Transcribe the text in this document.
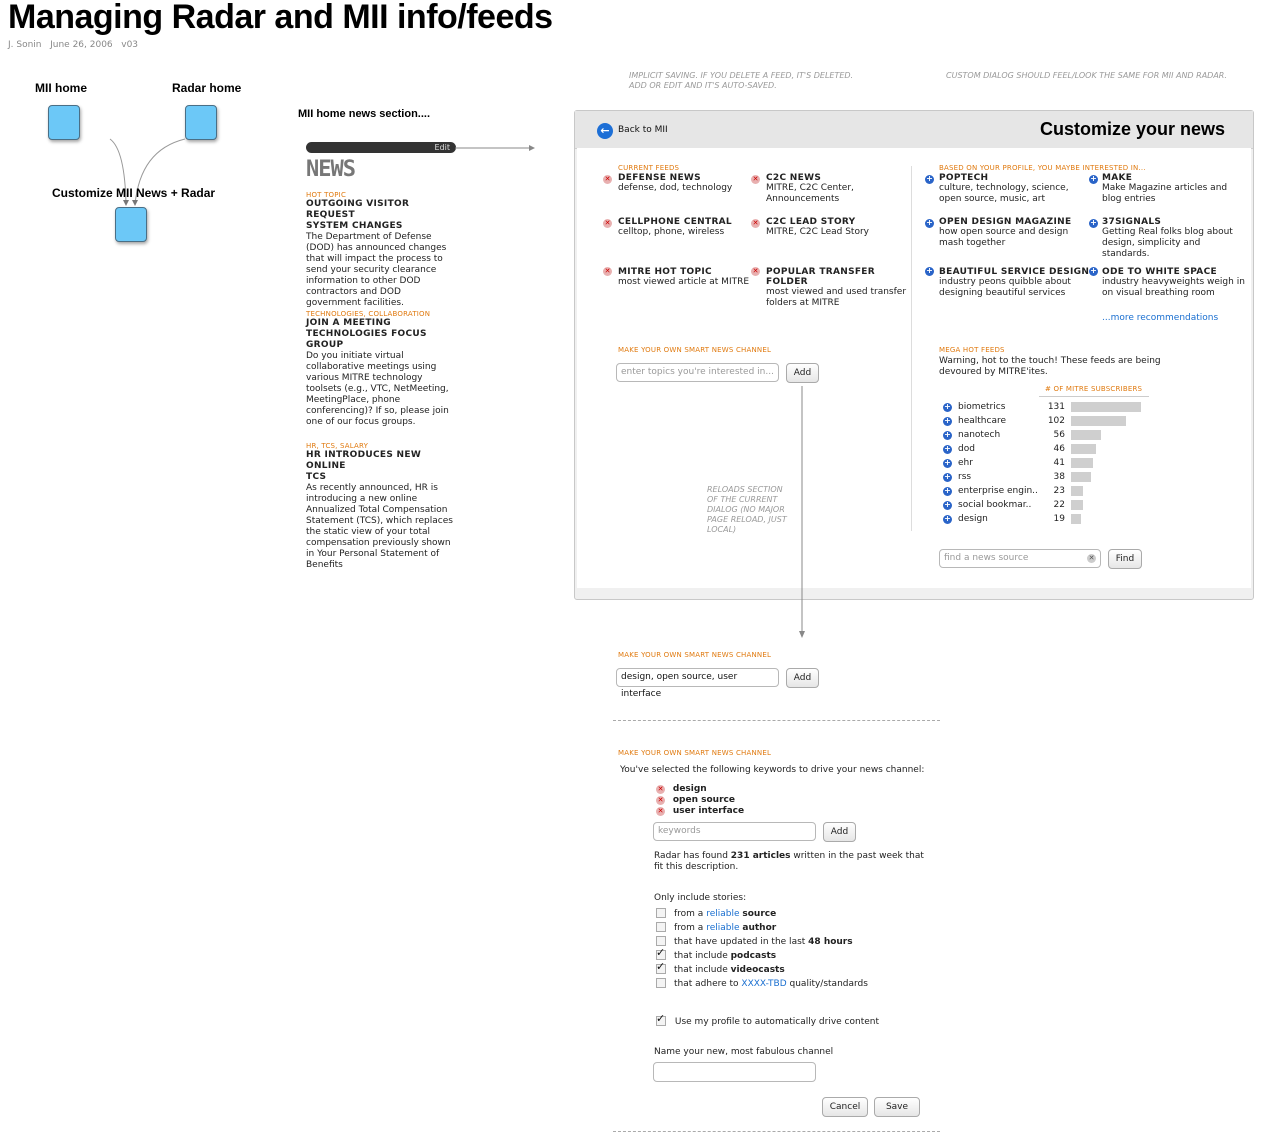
Managing Radar and MII info/feeds
J. Sonin June 26, 2006 v03
MII home	Radar home
Customize MII News + Radar
MII home news section....
Edit
NEWS
HOT TOPIC
OUTGOING VISITOR REQUEST
SYSTEM CHANGES
The Department of Defense
(DOD) has announced changes
that will impact the process to
send your security clearance
information to other DOD
contractors and DOD
government facilities.
TECHNOLOGIES, COLLABORATION
JOIN A MEETING
TECHNOLOGIES FOCUS
GROUP
Do you initiate virtual
collaborative meetings using
various MITRE technology
toolsets (e.g., VTC, NetMeeting,
MeetingPlace, phone
conferencing)? If so, please join
one of our focus groups.
HR, TCS, SALARY
HR INTRODUCES NEW ONLINE
TCS
As recently announced, HR is
introducing a new online
Annualized Total Compensation
Statement (TCS), which replaces
the static view of your total
compensation previously shown
in Your Personal Statement of
Benefits
IMPLICIT SAVING. IF YOU DELETE A FEED, IT'S DELETED.
ADD OR EDIT AND IT'S AUTO-SAVED.
CUSTOM DIALOG SHOULD FEEL/LOOK THE SAME FOR MII AND RADAR.
← Back to MII	Customize your news
CURRENT FEEDS
✕ DEFENSE NEWS
defense, dod, technology
✕ C2C NEWS
MITRE, C2C Center,
Announcements
✕ CELLPHONE CENTRAL
celltop, phone, wireless
✕ C2C LEAD STORY
MITRE, C2C Lead Story
✕ MITRE HOT TOPIC
most viewed article at MITRE
✕ POPULAR TRANSFER FOLDER
most viewed and used transfer
folders at MITRE
BASED ON YOUR PROFILE, YOU MAYBE INTERESTED IN...
+ POPTECH
culture, technology, science,
open source, music, art
+ MAKE
Make Magazine articles and
blog entries
+ OPEN DESIGN MAGAZINE
how open source and design
mash together
+ 37SIGNALS
Getting Real folks blog about
design, simplicity and
standards.
+ BEAUTIFUL SERVICE DESIGN
industry peons quibble about
designing beautiful services
+ ODE TO WHITE SPACE
industry heavyweights weigh in
on visual breathing room
...more recommendations
MAKE YOUR OWN SMART NEWS CHANNEL
enter topics you're interested in...	Add
MEGA HOT FEEDS
Warning, hot to the touch! These feeds are being
devoured by MITRE'ites.
# OF MITRE SUBSCRIBERS
+ biometrics	131
+ healthcare	102
+ nanotech	56
+ dod	46
+ ehr	41
+ rss	38
+ enterprise engin..	23
+ social bookmar..	22
+ design	19
find a news source	✕	Find
RELOADS SECTION
OF THE CURRENT
DIALOG (NO MAJOR
PAGE RELOAD, JUST
LOCAL)
MAKE YOUR OWN SMART NEWS CHANNEL
design, open source, user interface
Add
MAKE YOUR OWN SMART NEWS CHANNEL
You've selected the following keywords to drive your news channel:
✕ design
✕ open source
✕ user interface
keywords	Add
Radar has found 231 articles written in the past week that
fit this description.
Only include stories:
from a reliable source
from a reliable author
that have updated in the last 48 hours
✓that include podcasts
✓that include videocasts
that adhere to XXXX-TBD quality/standards
✓ Use my profile to automatically drive content
Name your new, most fabulous channel
Cancel	Save
